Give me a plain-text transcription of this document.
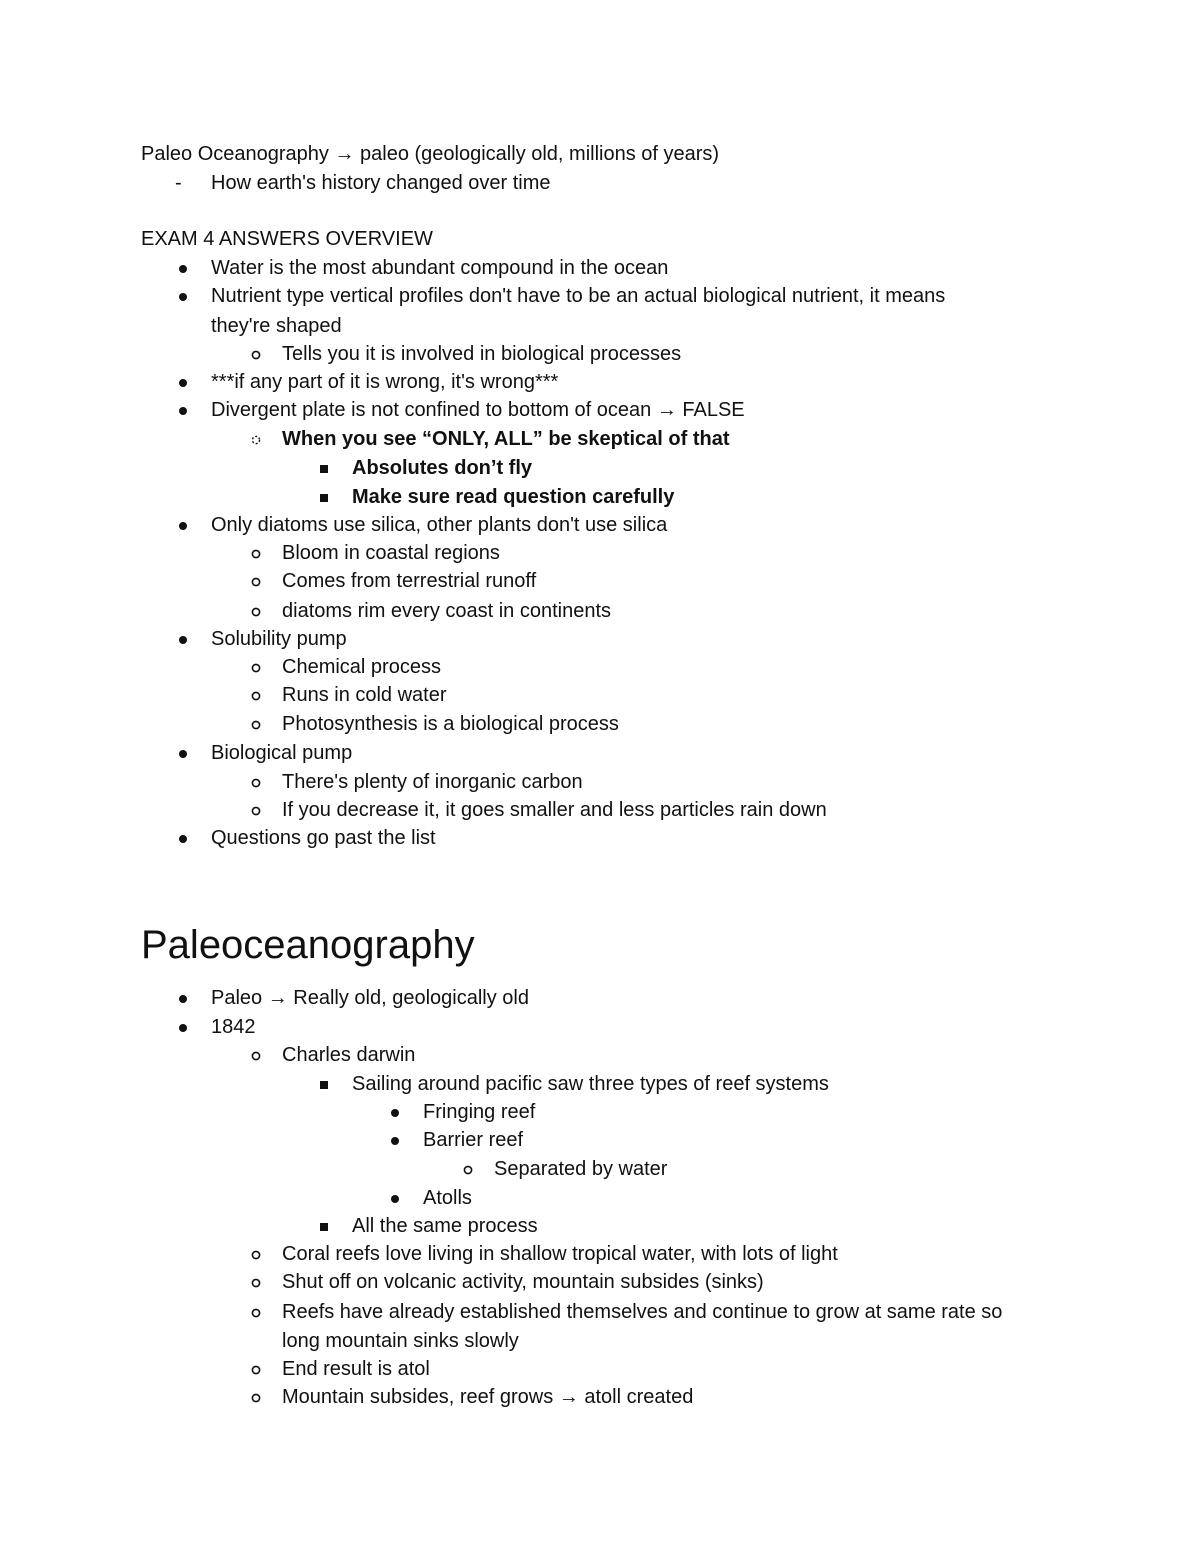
Paleo Oceanography → paleo (geologically old, millions of years)
- How earth's history changed over time
EXAM 4 ANSWERS OVERVIEW
Water is the most abundant compound in the ocean
Nutrient type vertical profiles don't have to be an actual biological nutrient, it means
they're shaped
Tells you it is involved in biological processes
***if any part of it is wrong, it's wrong***
Divergent plate is not confined to bottom of ocean → FALSE
When you see “ONLY, ALL” be skeptical of that
Absolutes don’t fly
Make sure read question carefully
Only diatoms use silica, other plants don't use silica
Bloom in coastal regions
Comes from terrestrial runoff
diatoms rim every coast in continents
Solubility pump
Chemical process
Runs in cold water
Photosynthesis is a biological process
Biological pump
There's plenty of inorganic carbon
If you decrease it, it goes smaller and less particles rain down
Questions go past the list
Paleoceanography
Paleo → Really old, geologically old
1842
Charles darwin
Sailing around pacific saw three types of reef systems
Fringing reef
Barrier reef
Separated by water
Atolls
All the same process
Coral reefs love living in shallow tropical water, with lots of light
Shut off on volcanic activity, mountain subsides (sinks)
Reefs have already established themselves and continue to grow at same rate so
long mountain sinks slowly
End result is atol
Mountain subsides, reef grows → atoll created
